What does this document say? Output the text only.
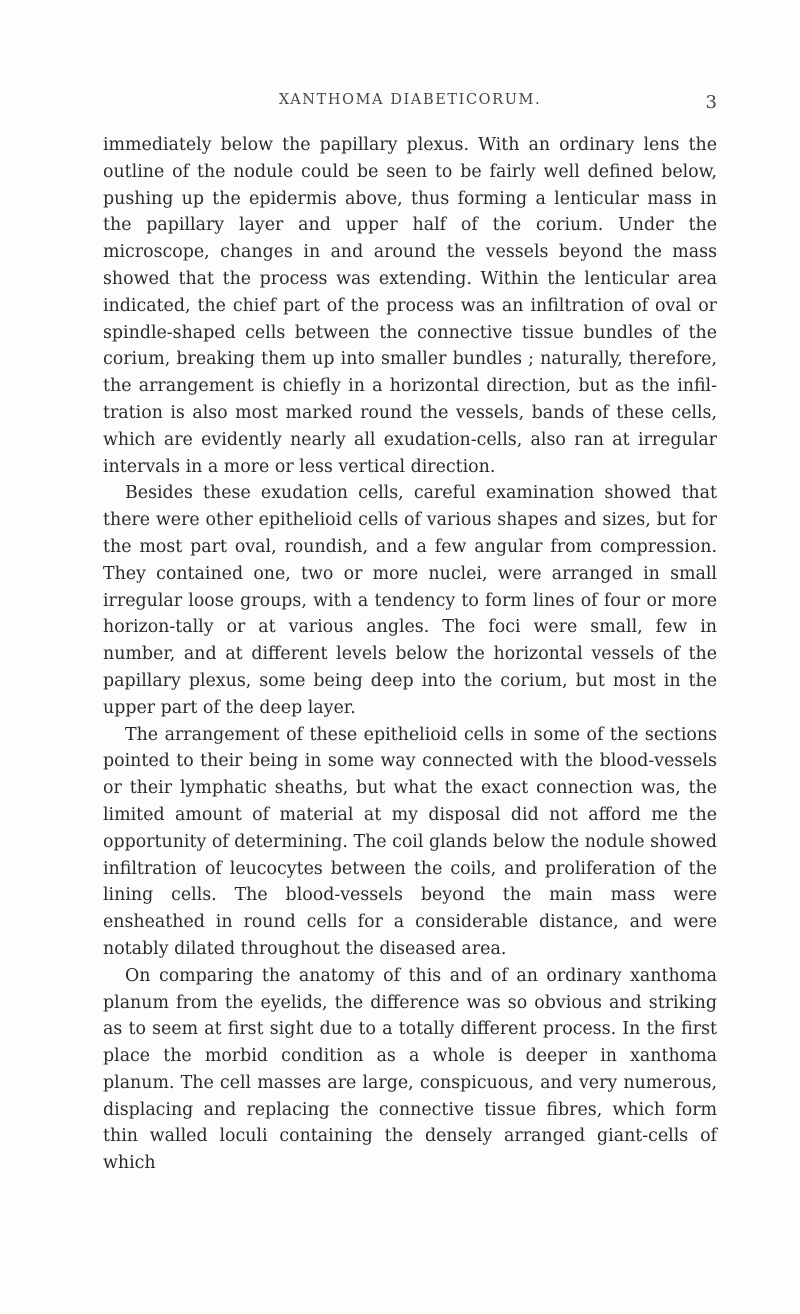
XANTHOMA DIABETICORUM.	3

immediately below the papillary plexus. With an ordinary lens the outline of the nodule could be seen to be fairly well defined below, pushing up the epidermis above, thus forming a lenticular mass in the papillary layer and upper half of the corium. Under the microscope, changes in and around the vessels beyond the mass showed that the process was extending. Within the lenticular area indicated, the chief part of the process was an infiltration of oval or spindle-shaped cells between the connective tissue bundles of the corium, breaking them up into smaller bundles ; naturally, therefore, the arrangement is chiefly in a horizontal direction, but as the infil-tration is also most marked round the vessels, bands of these cells, which are evidently nearly all exudation-cells, also ran at irregular intervals in a more or less vertical direction.

Besides these exudation cells, careful examination showed that there were other epithelioid cells of various shapes and sizes, but for the most part oval, roundish, and a few angular from compression. They contained one, two or more nuclei, were arranged in small irregular loose groups, with a tendency to form lines of four or more horizon-tally or at various angles. The foci were small, few in number, and at different levels below the horizontal vessels of the papillary plexus, some being deep into the corium, but most in the upper part of the deep layer.

The arrangement of these epithelioid cells in some of the sections pointed to their being in some way connected with the blood-vessels or their lymphatic sheaths, but what the exact connection was, the limited amount of material at my disposal did not afford me the opportunity of determining. The coil glands below the nodule showed infiltration of leucocytes between the coils, and proliferation of the lining cells. The blood-vessels beyond the main mass were ensheathed in round cells for a considerable distance, and were notably dilated throughout the diseased area.

On comparing the anatomy of this and of an ordinary xanthoma planum from the eyelids, the difference was so obvious and striking as to seem at first sight due to a totally different process. In the first place the morbid condition as a whole is deeper in xanthoma planum. The cell masses are large, conspicuous, and very numerous, displacing and replacing the connective tissue fibres, which form thin walled loculi containing the densely arranged giant-cells of which
